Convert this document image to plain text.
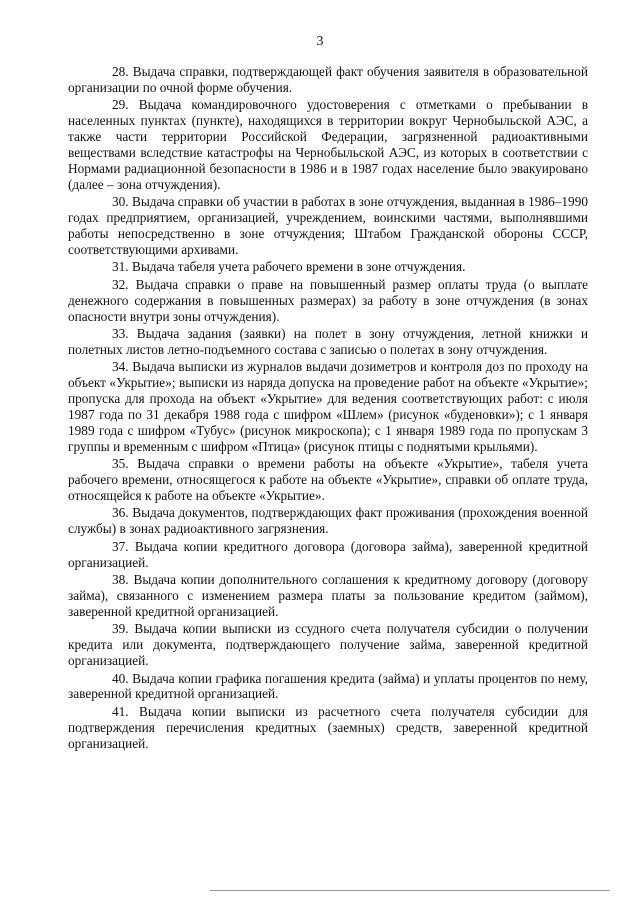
3

28. Выдача справки, подтверждающей факт обучения заявителя в образовательной организации по очной форме обучения.

29. Выдача командировочного удостоверения с отметками о пребывании в населенных пунктах (пункте), находящихся в территории вокруг Чернобыльской АЭС, а также части территории Российской Федерации, загрязненной радиоактивными веществами вследствие катастрофы на Чернобыльской АЭС, из которых в соответствии с Нормами радиационной безопасности в 1986 и в 1987 годах население было эвакуировано (далее – зона отчуждения).

30. Выдача справки об участии в работах в зоне отчуждения, выданная в 1986–1990 годах предприятием, организацией, учреждением, воинскими частями, выполнявшими работы непосредственно в зоне отчуждения; Штабом Гражданской обороны СССР, соответствующими архивами.

31. Выдача табеля учета рабочего времени в зоне отчуждения.

32. Выдача справки о праве на повышенный размер оплаты труда (о выплате денежного содержания в повышенных размерах) за работу в зоне отчуждения (в зонах опасности внутри зоны отчуждения).

33. Выдача задания (заявки) на полет в зону отчуждения, летной книжки и полетных листов летно-подъемного состава с записью о полетах в зону отчуждения.

34. Выдача выписки из журналов выдачи дозиметров и контроля доз по проходу на объект «Укрытие»; выписки из наряда допуска на проведение работ на объекте «Укрытие»; пропуска для прохода на объект «Укрытие» для ведения соответствующих работ: с июля 1987 года по 31 декабря 1988 года с шифром «Шлем» (рисунок «буденовки»); с 1 января 1989 года с шифром «Тубус» (рисунок микроскопа); с 1 января 1989 года по пропускам 3 группы и временным с шифром «Птица» (рисунок птицы с поднятыми крыльями).

35. Выдача справки о времени работы на объекте «Укрытие», табеля учета рабочего времени, относящегося к работе на объекте «Укрытие», справки об оплате труда, относящейся к работе на объекте «Укрытие».

36. Выдача документов, подтверждающих факт проживания (прохождения военной службы) в зонах радиоактивного загрязнения.

37. Выдача копии кредитного договора (договора займа), заверенной кредитной организацией.

38. Выдача копии дополнительного соглашения к кредитному договору (договору займа), связанного с изменением размера платы за пользование кредитом (займом), заверенной кредитной организацией.

39. Выдача копии выписки из ссудного счета получателя субсидии о получении кредита или документа, подтверждающего получение займа, заверенной кредитной организацией.

40. Выдача копии графика погашения кредита (займа) и уплаты процентов по нему, заверенной кредитной организацией.

41. Выдача копии выписки из расчетного счета получателя субсидии для подтверждения перечисления кредитных (заемных) средств, заверенной кредитной организацией.
